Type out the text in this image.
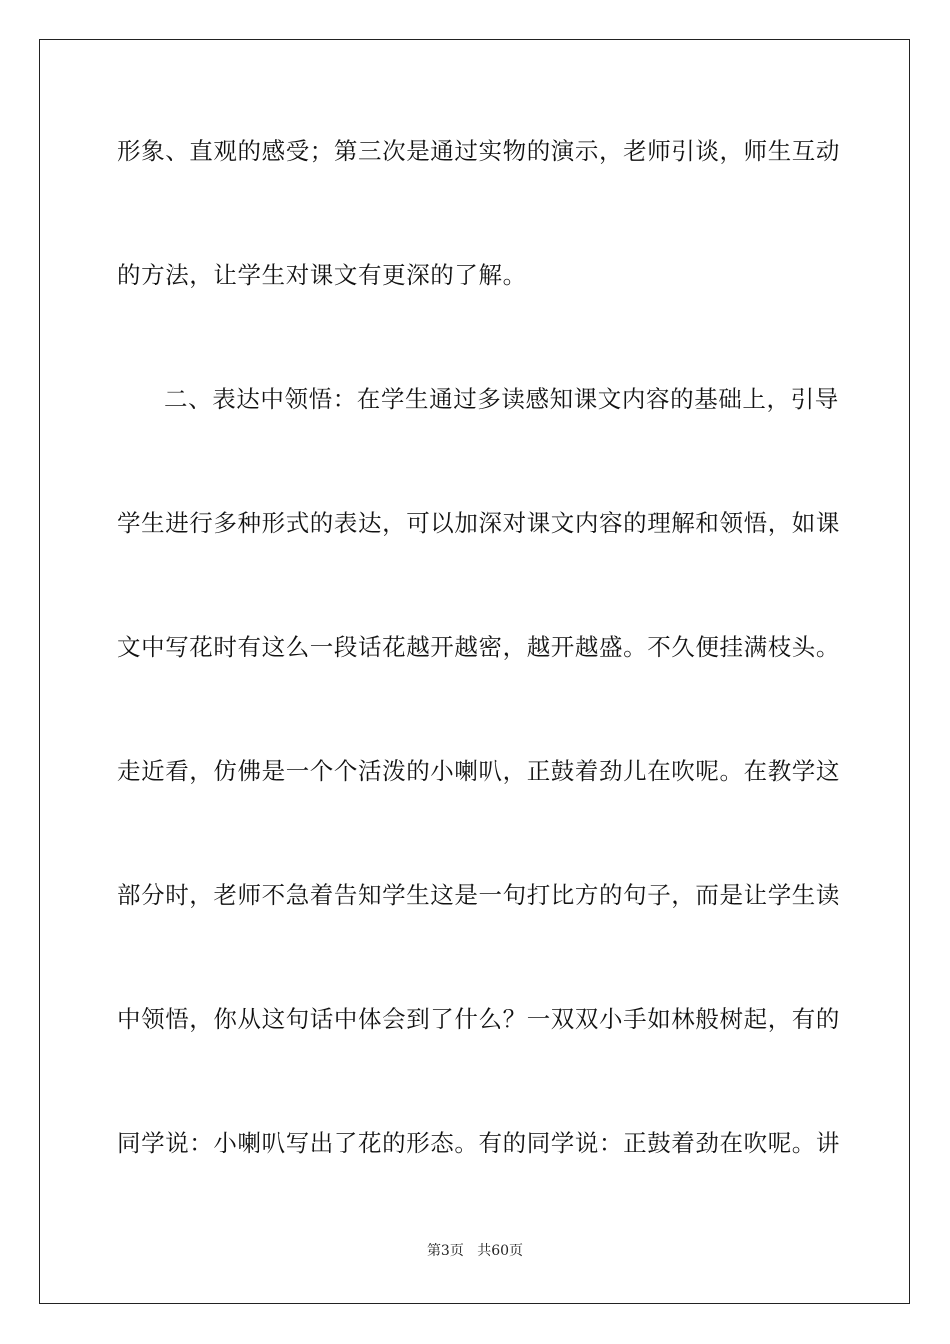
形象、直观的感受；第三次是通过实物的演示，老师引谈，师生互动
的方法，让学生对课文有更深的了解。
二、表达中领悟：在学生通过多读感知课文内容的基础上，引导
学生进行多种形式的表达，可以加深对课文内容的理解和领悟，如课
文中写花时有这么一段话花越开越密，越开越盛。不久便挂满枝头。
走近看，仿佛是一个个活泼的小喇叭，正鼓着劲儿在吹呢。在教学这
部分时，老师不急着告知学生这是一句打比方的句子，而是让学生读
中领悟，你从这句话中体会到了什么？一双双小手如林般树起，有的
同学说：小喇叭写出了花的形态。有的同学说：正鼓着劲在吹呢。讲
第3页 共60页
